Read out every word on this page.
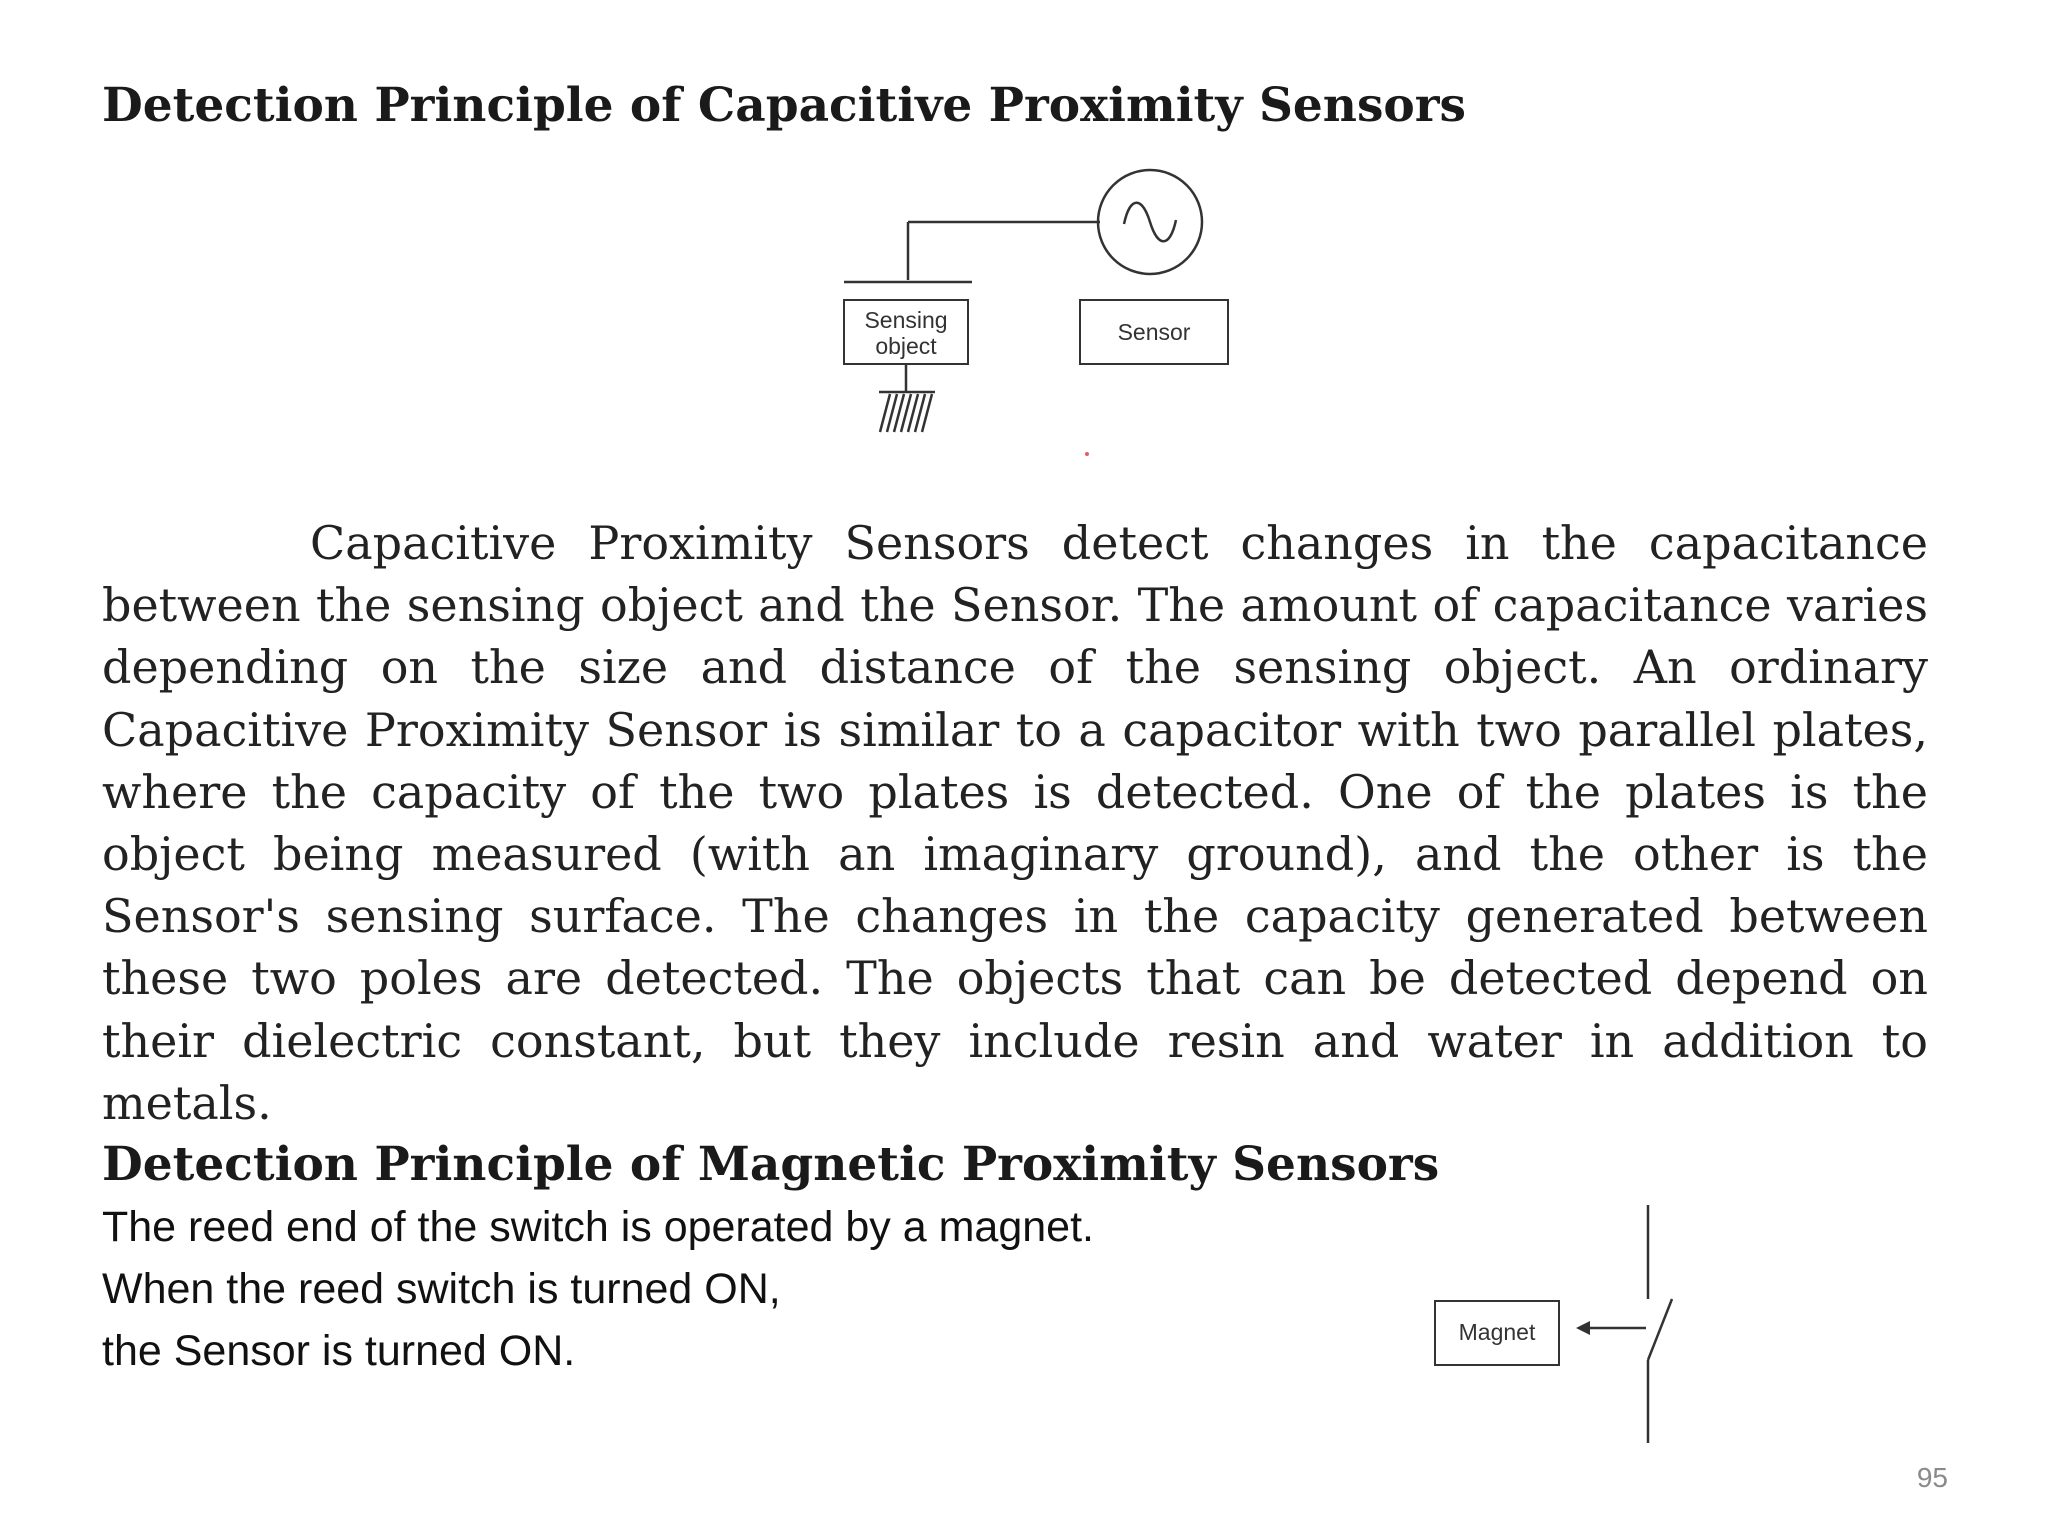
Detection Principle of Capacitive Proximity Sensors
Sensing
object
Sensor

Capacitive Proximity Sensors detect changes in the capacitance between the sensing object and the Sensor. The amount of capacitance varies depending on the size and distance of the sensing object. An ordinary Capacitive Proximity Sensor is similar to a capacitor with two parallel plates, where the capacity of the two plates is detected. One of the plates is the object being measured (with an imaginary ground), and the other is the Sensor's sensing surface. The changes in the capacity generated between these two poles are detected. The objects that can be detected depend on their dielectric constant, but they include resin and water in addition to metals.

Detection Principle of Magnetic Proximity Sensors
The reed end of the switch is operated by a magnet.
When the reed switch is turned ON,
the Sensor is turned ON.	Magnet
95
